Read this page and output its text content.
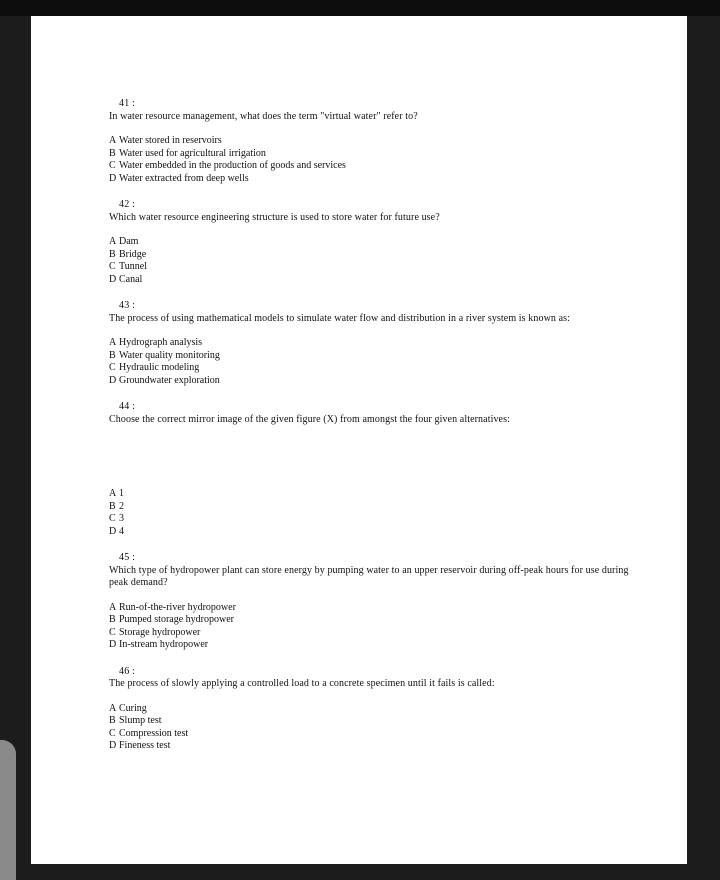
41 :
In water resource management, what does the term "virtual water" refer to?
A Water stored in reservoirs
B Water used for agricultural irrigation
C Water embedded in the production of goods and services
D Water extracted from deep wells
42 :
Which water resource engineering structure is used to store water for future use?
A Dam
B Bridge
C Tunnel
D Canal
43 :
The process of using mathematical models to simulate water flow and distribution in a river system is known as:
A Hydrograph analysis
B Water quality monitoring
C Hydraulic modeling
D Groundwater exploration
44 :
Choose the correct mirror image of the given figure (X) from amongst the four given alternatives:
A 1
B 2
C 3
D 4
45 :
Which type of hydropower plant can store energy by pumping water to an upper reservoir during off-peak hours for use during peak demand?
A Run-of-the-river hydropower
B Pumped storage hydropower
C Storage hydropower
D In-stream hydropower
46 :
The process of slowly applying a controlled load to a concrete specimen until it fails is called:
A Curing
B Slump test
C Compression test
D Fineness test
